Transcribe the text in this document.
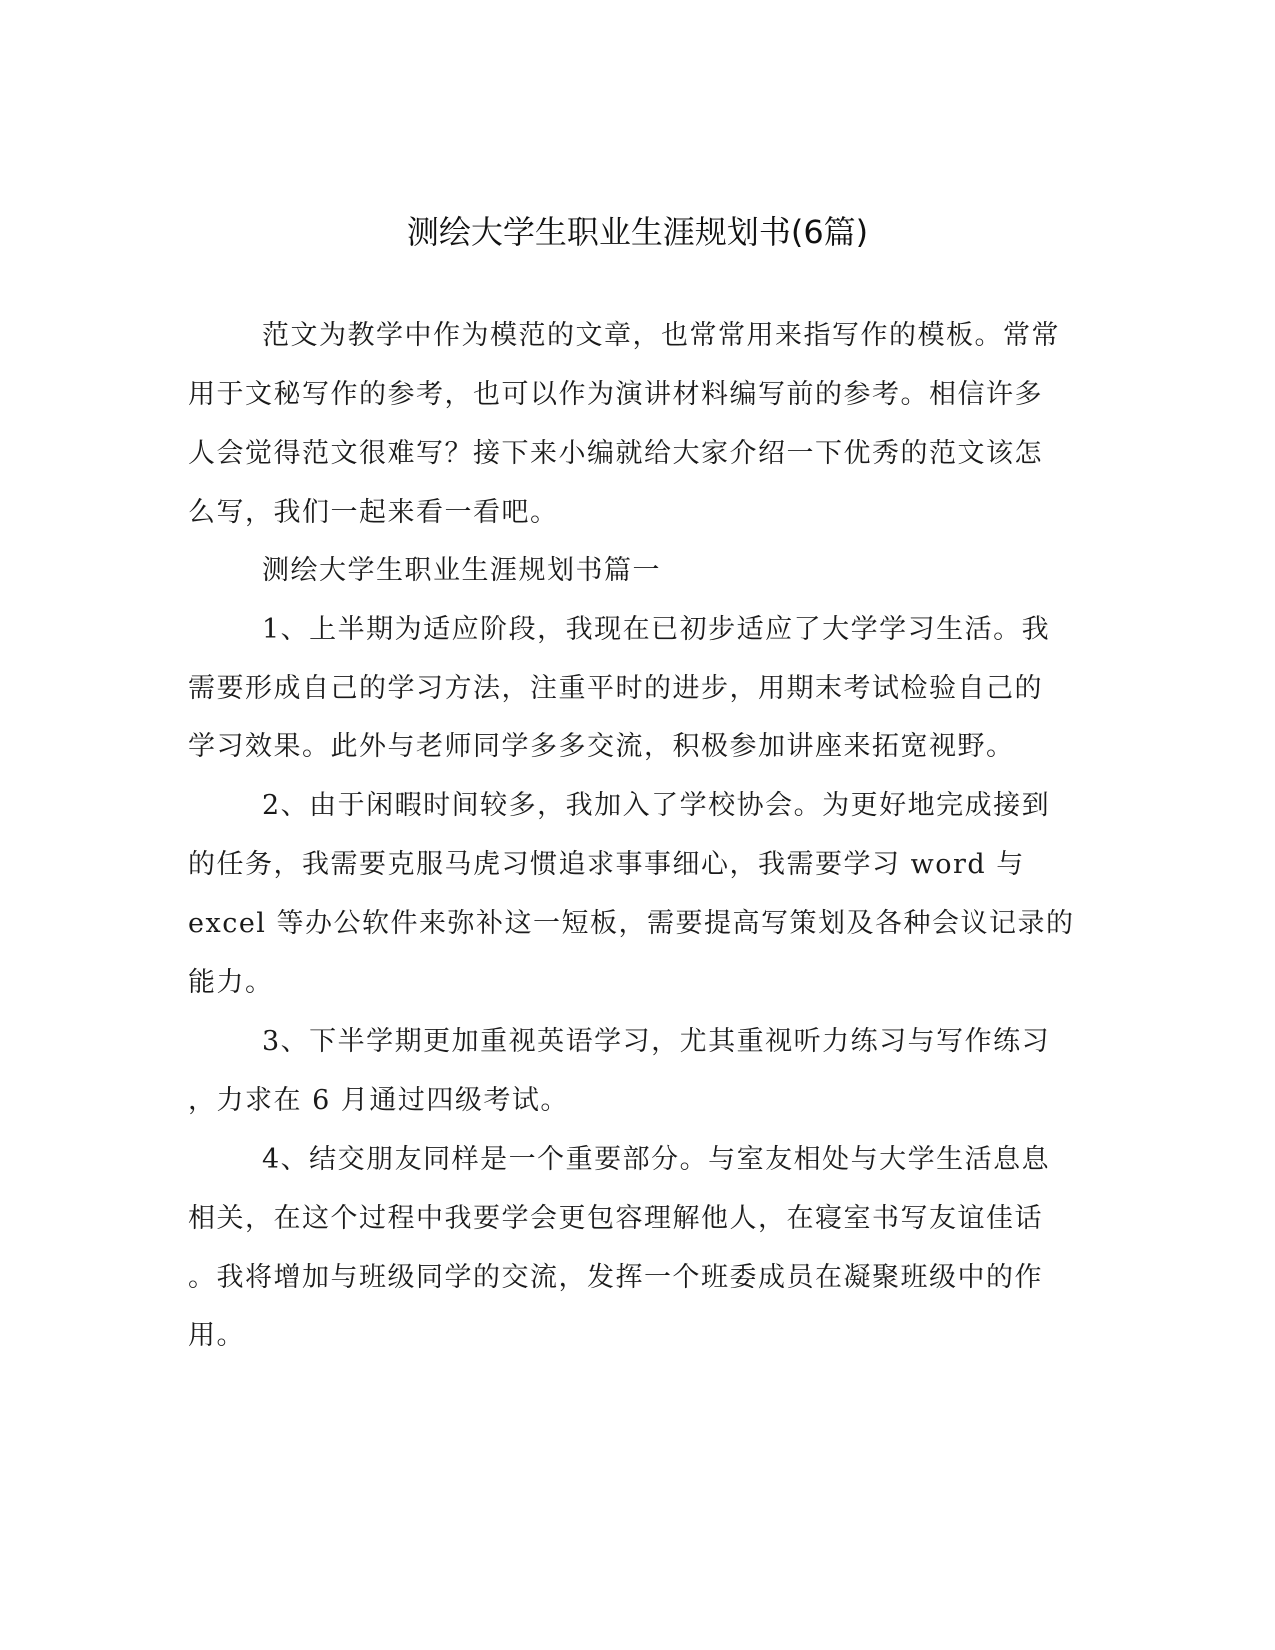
测绘大学生职业生涯规划书(6篇)
范文为教学中作为模范的文章，也常常用来指写作的模板。常常
用于文秘写作的参考，也可以作为演讲材料编写前的参考。相信许多
人会觉得范文很难写？接下来小编就给大家介绍一下优秀的范文该怎
么写，我们一起来看一看吧。
测绘大学生职业生涯规划书篇一
1、上半期为适应阶段，我现在已初步适应了大学学习生活。我
需要形成自己的学习方法，注重平时的进步，用期末考试检验自己的
学习效果。此外与老师同学多多交流，积极参加讲座来拓宽视野。
2、由于闲暇时间较多，我加入了学校协会。为更好地完成接到
的任务，我需要克服马虎习惯追求事事细心，我需要学习 word 与
excel 等办公软件来弥补这一短板，需要提高写策划及各种会议记录的
能力。
3、下半学期更加重视英语学习，尤其重视听力练习与写作练习
，力求在 6 月通过四级考试。
4、结交朋友同样是一个重要部分。与室友相处与大学生活息息
相关，在这个过程中我要学会更包容理解他人，在寝室书写友谊佳话
。我将增加与班级同学的交流，发挥一个班委成员在凝聚班级中的作
用。
